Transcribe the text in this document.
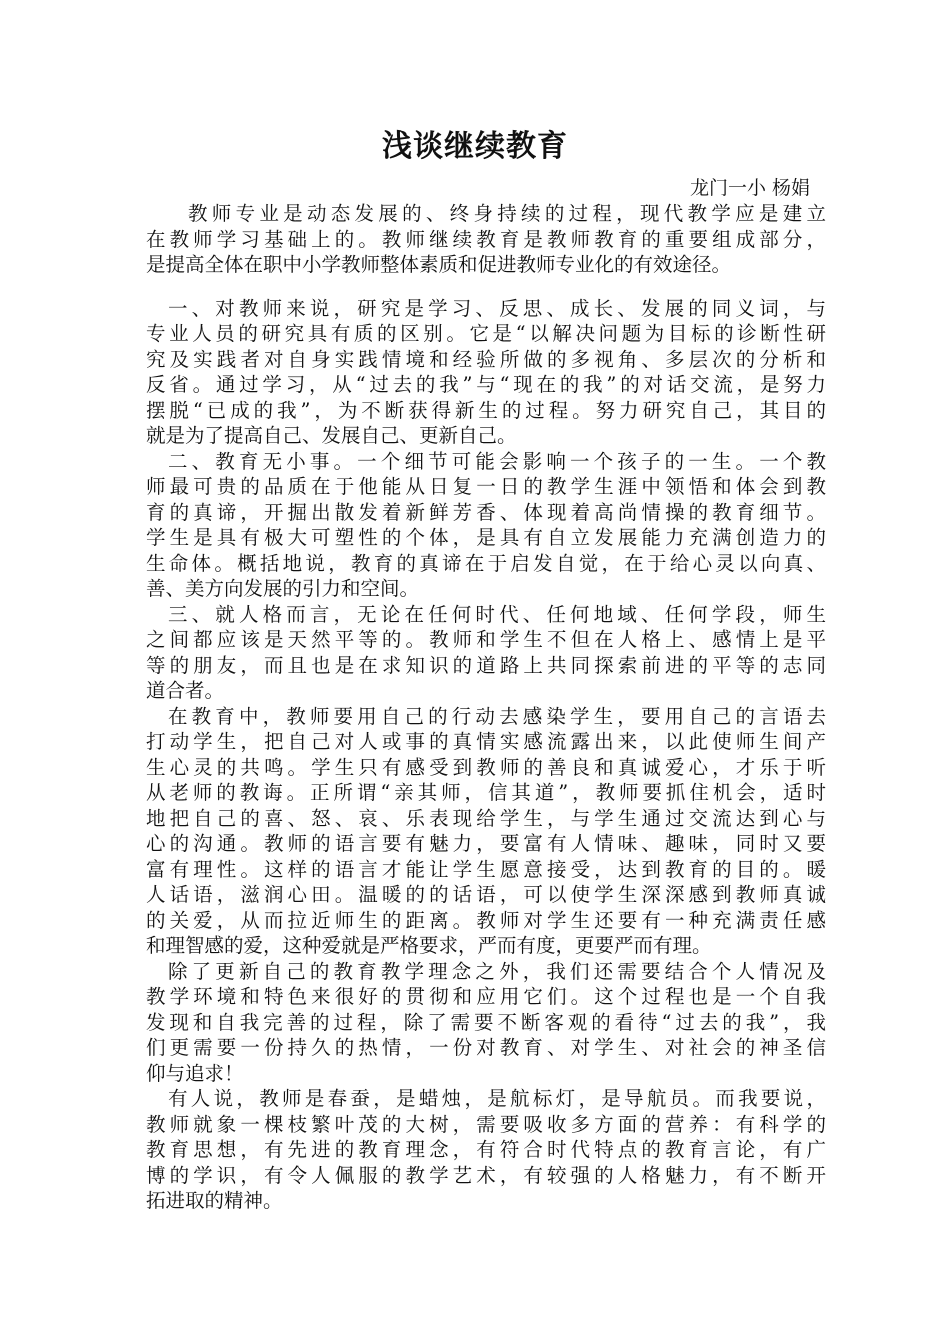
浅谈继续教育
龙门一小 杨娟
教师专业是动态发展的、终身持续的过程，现代教学应是建立
在教师学习基础上的。教师继续教育是教师教育的重要组成部分，
是提高全体在职中小学教师整体素质和促进教师专业化的有效途径。
一、对教师来说，研究是学习、反思、成长、发展的同义词，与
专业人员的研究具有质的区别。它是“以解决问题为目标的诊断性研
究及实践者对自身实践情境和经验所做的多视角、多层次的分析和
反省。通过学习，从“过去的我”与“现在的我”的对话交流，是努力
摆脱“已成的我”，为不断获得新生的过程。努力研究自己，其目的
就是为了提高自己、发展自己、更新自己。
二、教育无小事。一个细节可能会影响一个孩子的一生。一个教
师最可贵的品质在于他能从日复一日的教学生涯中领悟和体会到教
育的真谛，开掘出散发着新鲜芳香、体现着高尚情操的教育细节。
学生是具有极大可塑性的个体，是具有自立发展能力充满创造力的
生命体。概括地说，教育的真谛在于启发自觉，在于给心灵以向真、
善、美方向发展的引力和空间。
三、就人格而言，无论在任何时代、任何地域、任何学段，师生
之间都应该是天然平等的。教师和学生不但在人格上、感情上是平
等的朋友，而且也是在求知识的道路上共同探索前进的平等的志同
道合者。
在教育中，教师要用自己的行动去感染学生，要用自己的言语去
打动学生，把自己对人或事的真情实感流露出来，以此使师生间产
生心灵的共鸣。学生只有感受到教师的善良和真诚爱心，才乐于听
从老师的教诲。正所谓“亲其师，信其道”，教师要抓住机会，适时
地把自己的喜、怒、哀、乐表现给学生，与学生通过交流达到心与
心的沟通。教师的语言要有魅力，要富有人情味、趣味，同时又要
富有理性。这样的语言才能让学生愿意接受，达到教育的目的。暖
人话语，滋润心田。温暖的的话语，可以使学生深深感到教师真诚
的关爱，从而拉近师生的距离。教师对学生还要有一种充满责任感
和理智感的爱，这种爱就是严格要求，严而有度，更要严而有理。
除了更新自己的教育教学理念之外，我们还需要结合个人情况及
教学环境和特色来很好的贯彻和应用它们。这个过程也是一个自我
发现和自我完善的过程，除了需要不断客观的看待“过去的我”，我
们更需要一份持久的热情，一份对教育、对学生、对社会的神圣信
仰与追求！
有人说，教师是春蚕，是蜡烛，是航标灯，是导航员。而我要说，
教师就象一棵枝繁叶茂的大树，需要吸收多方面的营养：有科学的
教育思想，有先进的教育理念，有符合时代特点的教育言论，有广
博的学识，有令人佩服的教学艺术，有较强的人格魅力，有不断开
拓进取的精神。
